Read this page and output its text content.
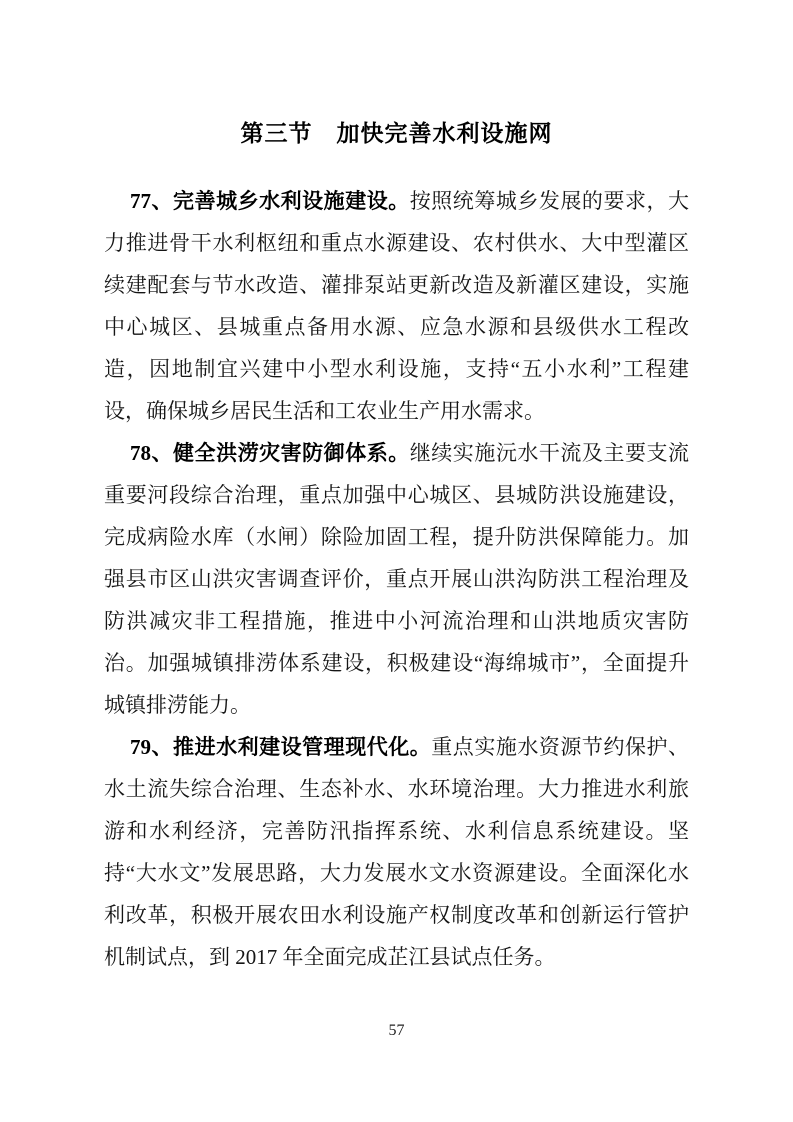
第三节　加快完善水利设施网

77、完善城乡水利设施建设。按照统筹城乡发展的要求，大力推进骨干水利枢纽和重点水源建设、农村供水、大中型灌区续建配套与节水改造、灌排泵站更新改造及新灌区建设，实施中心城区、县城重点备用水源、应急水源和县级供水工程改造，因地制宜兴建中小型水利设施，支持“五小水利”工程建设，确保城乡居民生活和工农业生产用水需求。

78、健全洪涝灾害防御体系。继续实施沅水干流及主要支流重要河段综合治理，重点加强中心城区、县城防洪设施建设，完成病险水库（水闸）除险加固工程，提升防洪保障能力。加强县市区山洪灾害调查评价，重点开展山洪沟防洪工程治理及防洪减灾非工程措施，推进中小河流治理和山洪地质灾害防治。加强城镇排涝体系建设，积极建设“海绵城市”，全面提升城镇排涝能力。

79、推进水利建设管理现代化。重点实施水资源节约保护、水土流失综合治理、生态补水、水环境治理。大力推进水利旅游和水利经济，完善防汛指挥系统、水利信息系统建设。坚持“大水文”发展思路，大力发展水文水资源建设。全面深化水利改革，积极开展农田水利设施产权制度改革和创新运行管护机制试点，到 2017 年全面完成芷江县试点任务。

57
